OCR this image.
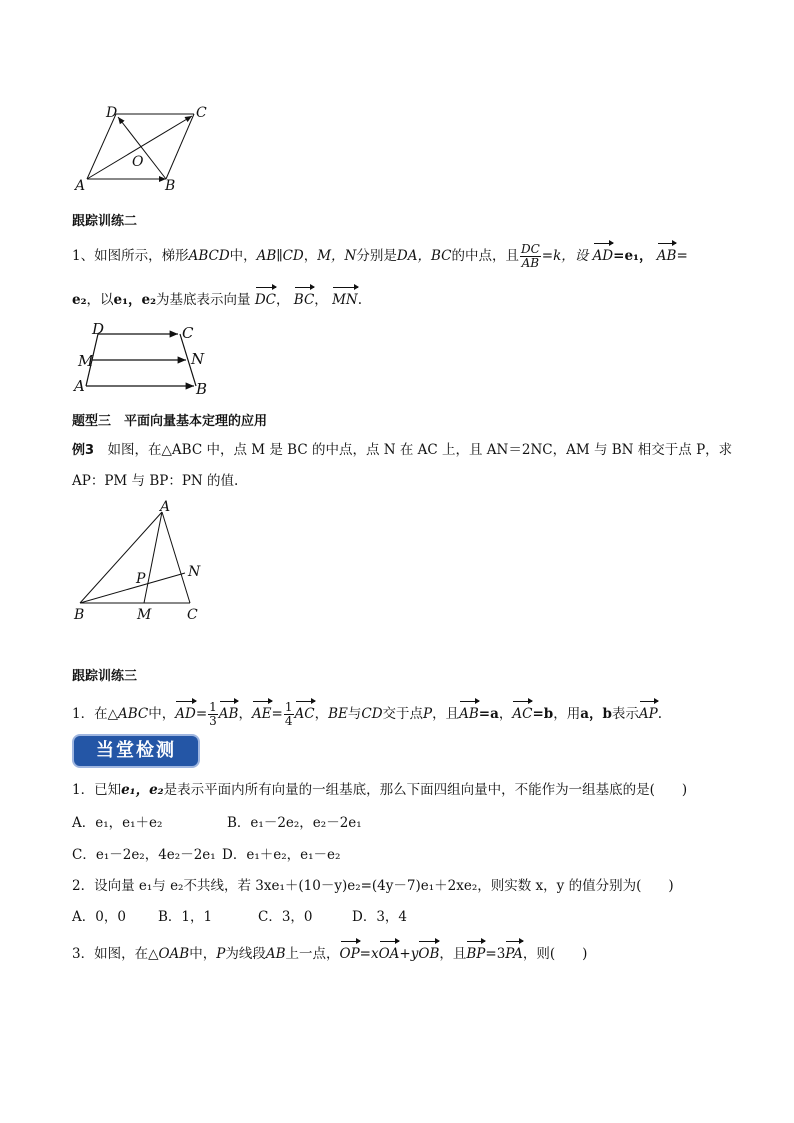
D	C
O
A	B
跟踪训练二
1、如图所示，梯形ABCD中，AB∥CD，M，N分别是DA，BC的中点，且 $\frac{DC}{AB} =k$，设 AD=e₁， AB=
e₂，以e₁，e₂为基底表示向量 DC， BC， MN.
D	C
M	N
A	B
题型三　平面向量基本定理的应用
例3　 如图，在△ABC 中，点 M 是 BC 的中点，点 N 在 AC 上，且 AN＝2NC，AM 与 BN 相交于点 P，求
AP：PM 与 BP：PN 的值.
A
N
P
B	M	C
跟踪训练三
1．在△ABC中，$AD= \frac{1}{3}$ AB，$AE= \frac{1}{4}$ AC，BE与CD交于点P，且AB=a，AC=b，用a，b表示AP.
当堂检测
1．已知e₁，e₂是表示平面内所有向量的一组基底，那么下面四组向量中，不能作为一组基底的是(　　)
A．e₁，e₁＋e₂	B．e₁－2e₂，e₂－2e₁
C．e₁－2e₂，4e₂－2e₁ D．e₁＋e₂，e₁－e₂
2．设向量 e₁与 e₂不共线，若 3xe₁＋(10－y)e₂=(4y－7)e₁＋2xe₂，则实数 x，y 的值分别为(　　)
A．0，0 B．1，1	C．3，0	D．3，4
3．如图，在△OAB中，P为线段AB上一点，OP=xOA+yOB，且BP=3PA，则(　　)
